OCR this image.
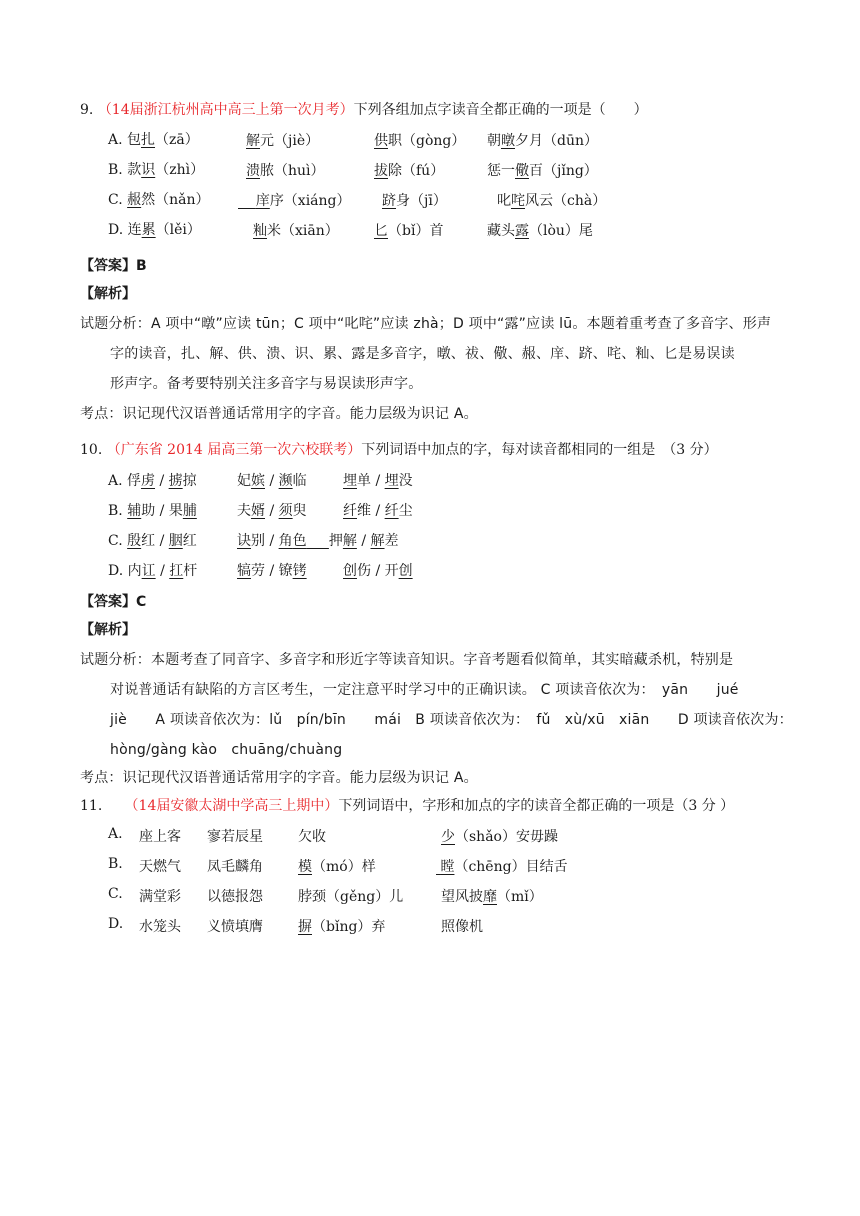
9. （14届浙江杭州高中高三上第一次月考）下列各组加点字读音全都正确的一项是（　　）
A. 包扎（zā）	解元（jiè）	供职（gòng） 朝暾夕月（dūn）
B. 款识（zhì）	溃脓（huì）	拔除（fú）	惩一儆百（jǐng）
C. 赧然（nǎn）	庠序（xiáng） 跻身（jī）	叱咤风云（chà）
D. 连累（lěi）	籼米（xiān）	匕（bǐ）首	藏头露（lòu）尾
【答案】B
【解析】
试题分析：A 项中“暾”应读 tūn；C 项中“叱咤”应读 zhà；D 项中“露”应读 lū。本题着重考查了多音字、形声
字的读音，扎、解、供、溃、识、累、露是多音字，暾、祓、儆、赧、庠、跻、咤、籼、匕是易误读
形声字。备考要特别关注多音字与易误读形声字。
考点：识记现代汉语普通话常用字的字音。能力层级为识记 A。
10. （广东省 2014 届高三第一次六校联考）下列词语中加点的字，每对读音都相同的一组是　（3 分）
A. 俘虏 / 掳掠	妃嫔 / 濒临	埋单 / 埋没
B. 辅助 / 果脯	夫婿 / 须臾	纤维 / 纤尘
C. 殷红 / 胭红	诀别 / 角色 押解 / 解差
D. 内讧 / 扛杆	犒劳 / 镣铐	创伤 / 开创
【答案】C
【解析】
试题分析：本题考查了同音字、多音字和形近字等读音知识。字音考题看似简单，其实暗藏杀机，特别是
对说普通话有缺陷的方言区考生，一定注意平时学习中的正确识读。 C 项读音依次为：　yān　　jué
jiè　　A 项读音依次为：lǔ　pín/bīn　　mái　B 项读音依次为：　fǔ　xù/xū　xiān　　D 项读音依次为：
hòng/gàng kào　chuāng/chuàng
考点：识记现代汉语普通话常用字的字音。能力层级为识记 A。
11. （14届安徽太湖中学高三上期中）下列词语中，字形和加点的字的读音全都正确的一项是（3 分 ）
A. 座上客 寥若辰星	欠收	少（shǎo）安毋躁
B. 天燃气 凤毛麟角	模（mó）样	瞠（chēng）目结舌
C. 满堂彩 以德报怨	脖颈（gěng）儿	望风披靡（mǐ）
D. 水笼头 义愤填膺	摒（bǐng）弃	照像机
